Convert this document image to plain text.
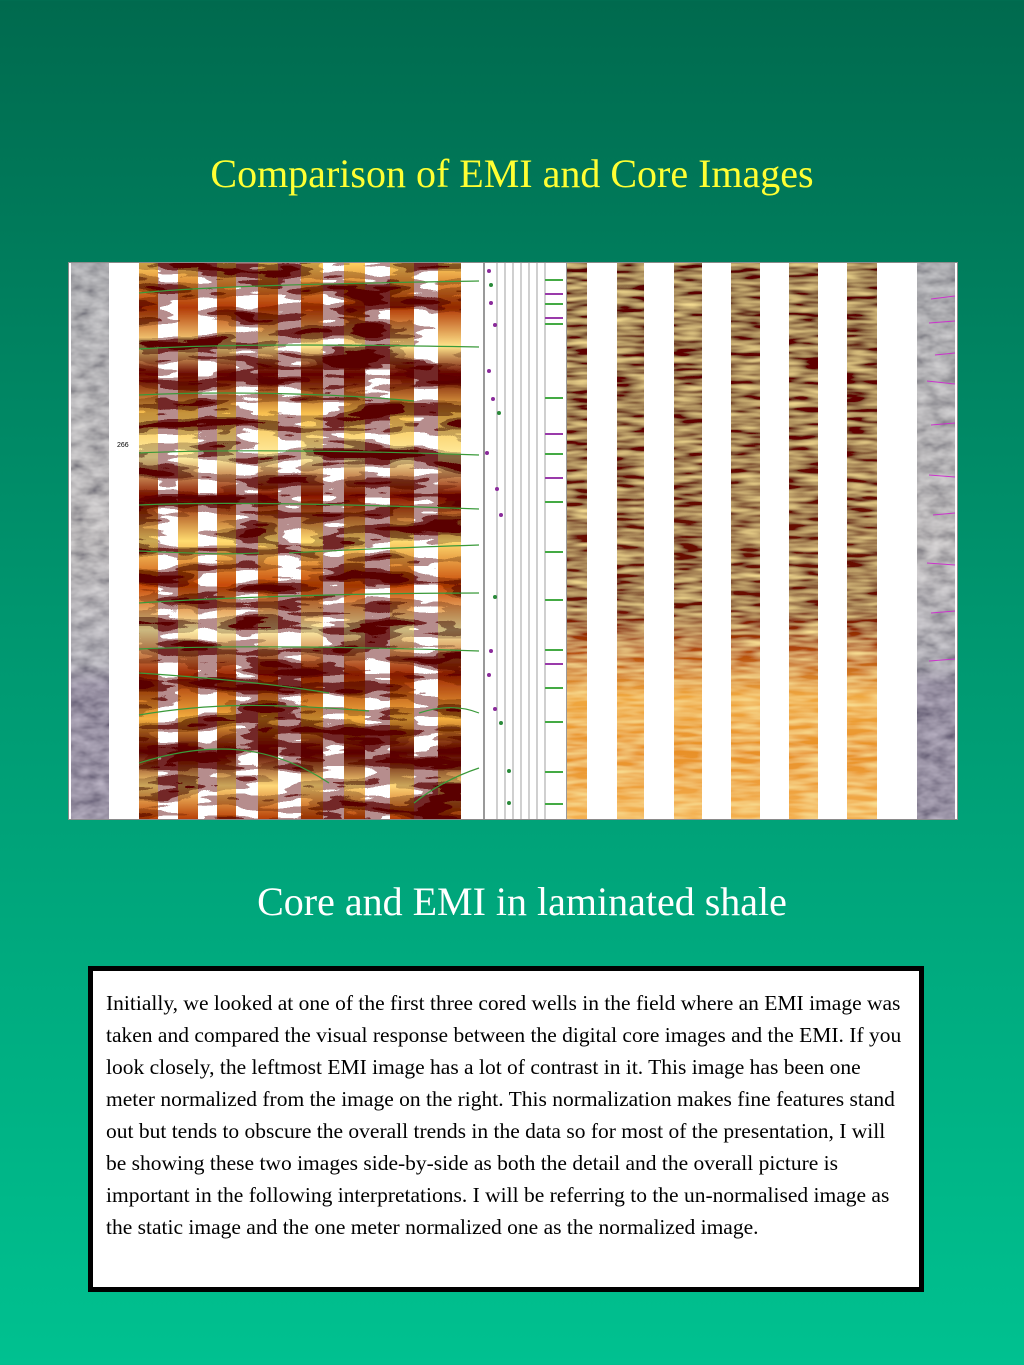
Comparison of EMI and Core Images
266
Core and EMI in laminated shale
Initially, we looked at one of the first three cored wells in the field where an EMI image was taken and compared the visual response between the digital core images and the EMI. If you look closely, the leftmost EMI image has a lot of contrast in it. This image has been one meter normalized from the image on the right. This normalization makes fine features stand out but tends to obscure the overall trends in the data so for most of the presentation, I will be showing these two images side-by-side as both the detail and the overall picture is important in the following interpretations. I will be referring to the un-normalised image as the static image and the one meter normalized one as the normalized image.
